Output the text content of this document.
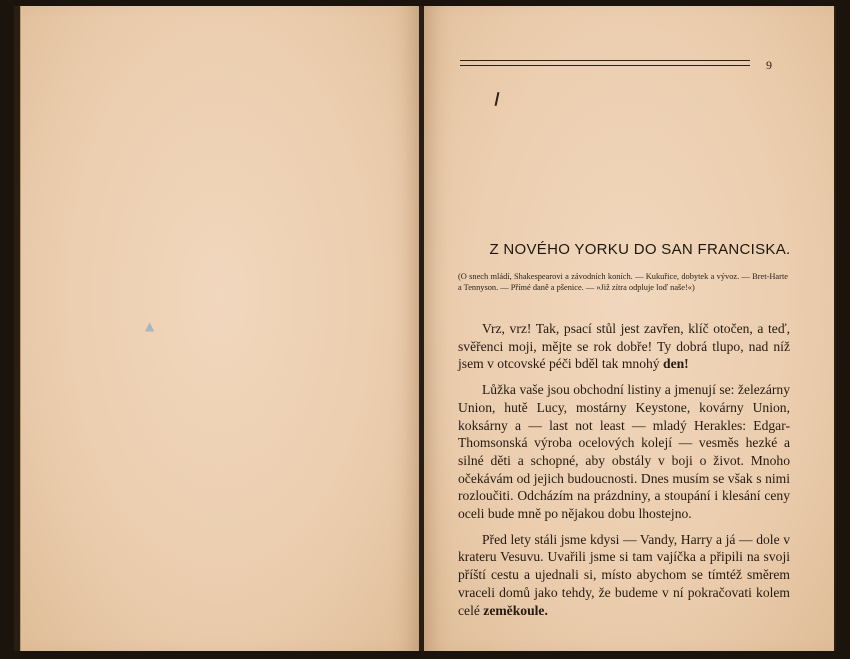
▲
9
Z NOVÉHO YORKU DO SAN FRANCISKA.
(O snech mládí, Shakespearovi a závodních koních. — Kukuřice, dobytek a vývoz. — Bret-Harte a Tennyson. — Přímé daně a pšenice. — »Již zítra odpluje loď naše!«)

Vrz, vrz! Tak, psací stůl jest zavřen, klíč otočen, a teď, svěřenci moji, mějte se rok dobře! Ty dobrá tlupo, nad níž jsem v otcovské péči bděl tak mnohý den!

Lůžka vaše jsou obchodní listiny a jmenují se: železárny Union, hutě Lucy, mostárny Keystone, kovárny Union, koksárny a — last not least — mladý Herakles: Edgar-Thomsonská výroba ocelových kolejí — vesměs hezké a silné děti a schopné, aby obstály v boji o život. Mnoho očekávám od jejich budoucnosti. Dnes musím se však s nimi rozloučiti. Odcházím na prázdniny, a stoupání i klesání ceny oceli bude mně po nějakou dobu lhostejno.

Před lety stáli jsme kdysi — Vandy, Harry a já — dole v krateru Vesuvu. Uvařili jsme si tam vajíčka a připili na svoji příští cestu a ujednali si, místo abychom se tímtéž směrem vraceli domů jako tehdy, že budeme v ní pokračovati kolem celé zeměkoule.
